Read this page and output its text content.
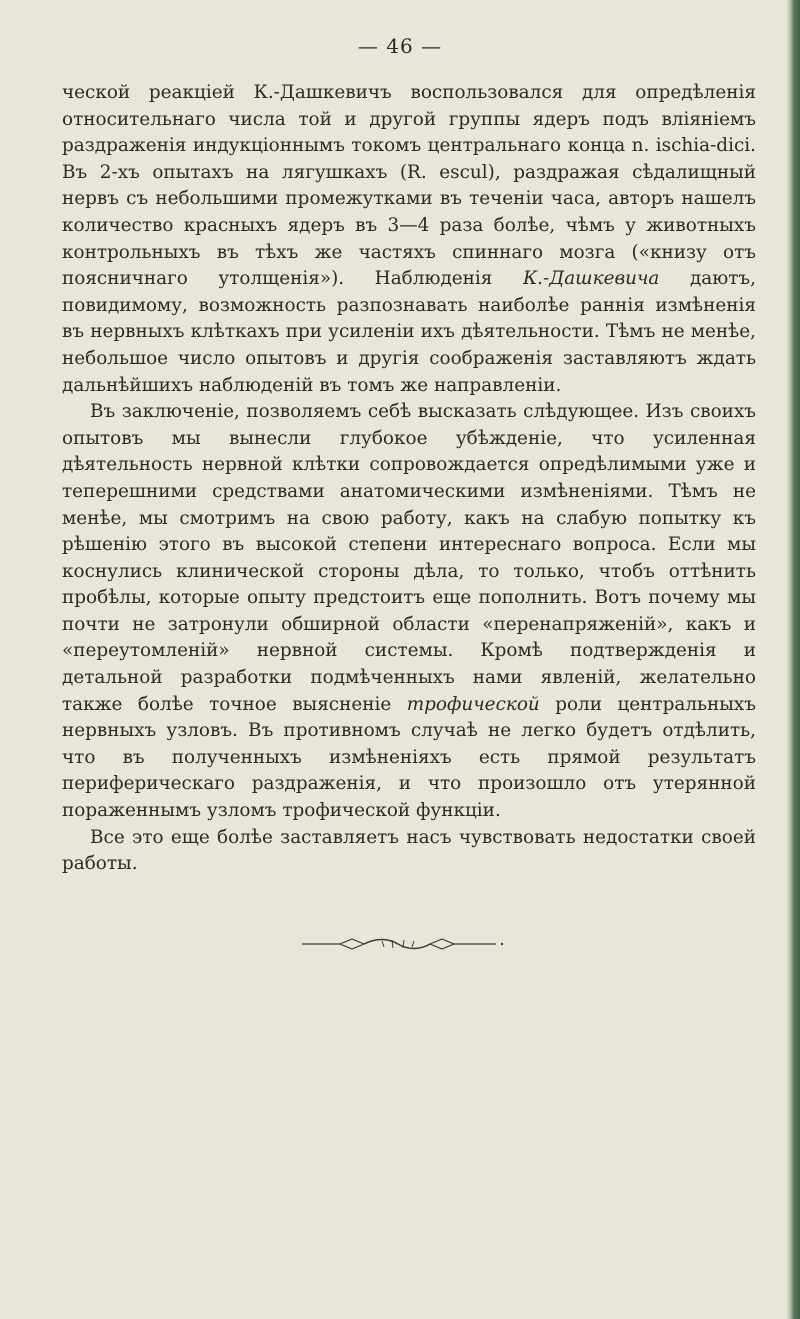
— 46 —

ческой реакціей К.-Дашкевичъ воспользовался для опредѣленія относительнаго числа той и другой группы ядеръ подъ вліяніемъ раздраженія индукціоннымъ токомъ центральнаго конца n. ischia-dici. Въ 2-хъ опытахъ на лягушкахъ (R. escul), раздражая сѣдалищный нервъ съ небольшими промежутками въ теченіи часа, авторъ нашелъ количество красныхъ ядеръ въ 3—4 раза болѣе, чѣмъ у животныхъ контрольныхъ въ тѣхъ же частяхъ спиннаго мозга («книзу отъ поясничнаго утолщенія»). Наблюденія К.-Дашкевича даютъ, повидимому, возможность разпознавать наиболѣе раннія измѣненія въ нервныхъ клѣткахъ при усиленіи ихъ дѣятельности. Тѣмъ не менѣе, небольшое число опытовъ и другія соображенія заставляютъ ждать дальнѣйшихъ наблюденій въ томъ же направленіи.

Въ заключеніе, позволяемъ себѣ высказать слѣдующее. Изъ своихъ опытовъ мы вынесли глубокое убѣжденіе, что усиленная дѣятельность нервной клѣтки сопровождается опредѣлимыми уже и теперешними средствами анатомическими измѣненіями. Тѣмъ не менѣе, мы смотримъ на свою работу, какъ на слабую попытку къ рѣшенію этого въ высокой степени интереснаго вопроса. Если мы коснулись клинической стороны дѣла, то только, чтобъ оттѣнить пробѣлы, которые опыту предстоитъ еще пополнить. Вотъ почему мы почти не затронули обширной области «перенапряженій», какъ и «переутомленій» нервной системы. Кромѣ подтвержденія и детальной разработки подмѣченныхъ нами явленій, желательно также болѣе точное выясненіе трофической роли центральныхъ нервныхъ узловъ. Въ противномъ случаѣ не легко будетъ отдѣлить, что въ полученныхъ измѣненіяхъ есть прямой результатъ периферическаго раздраженія, и что произошло отъ утерянной пораженнымъ узломъ трофической функціи.

Все это еще болѣе заставляетъ насъ чувствовать недостатки своей работы.
